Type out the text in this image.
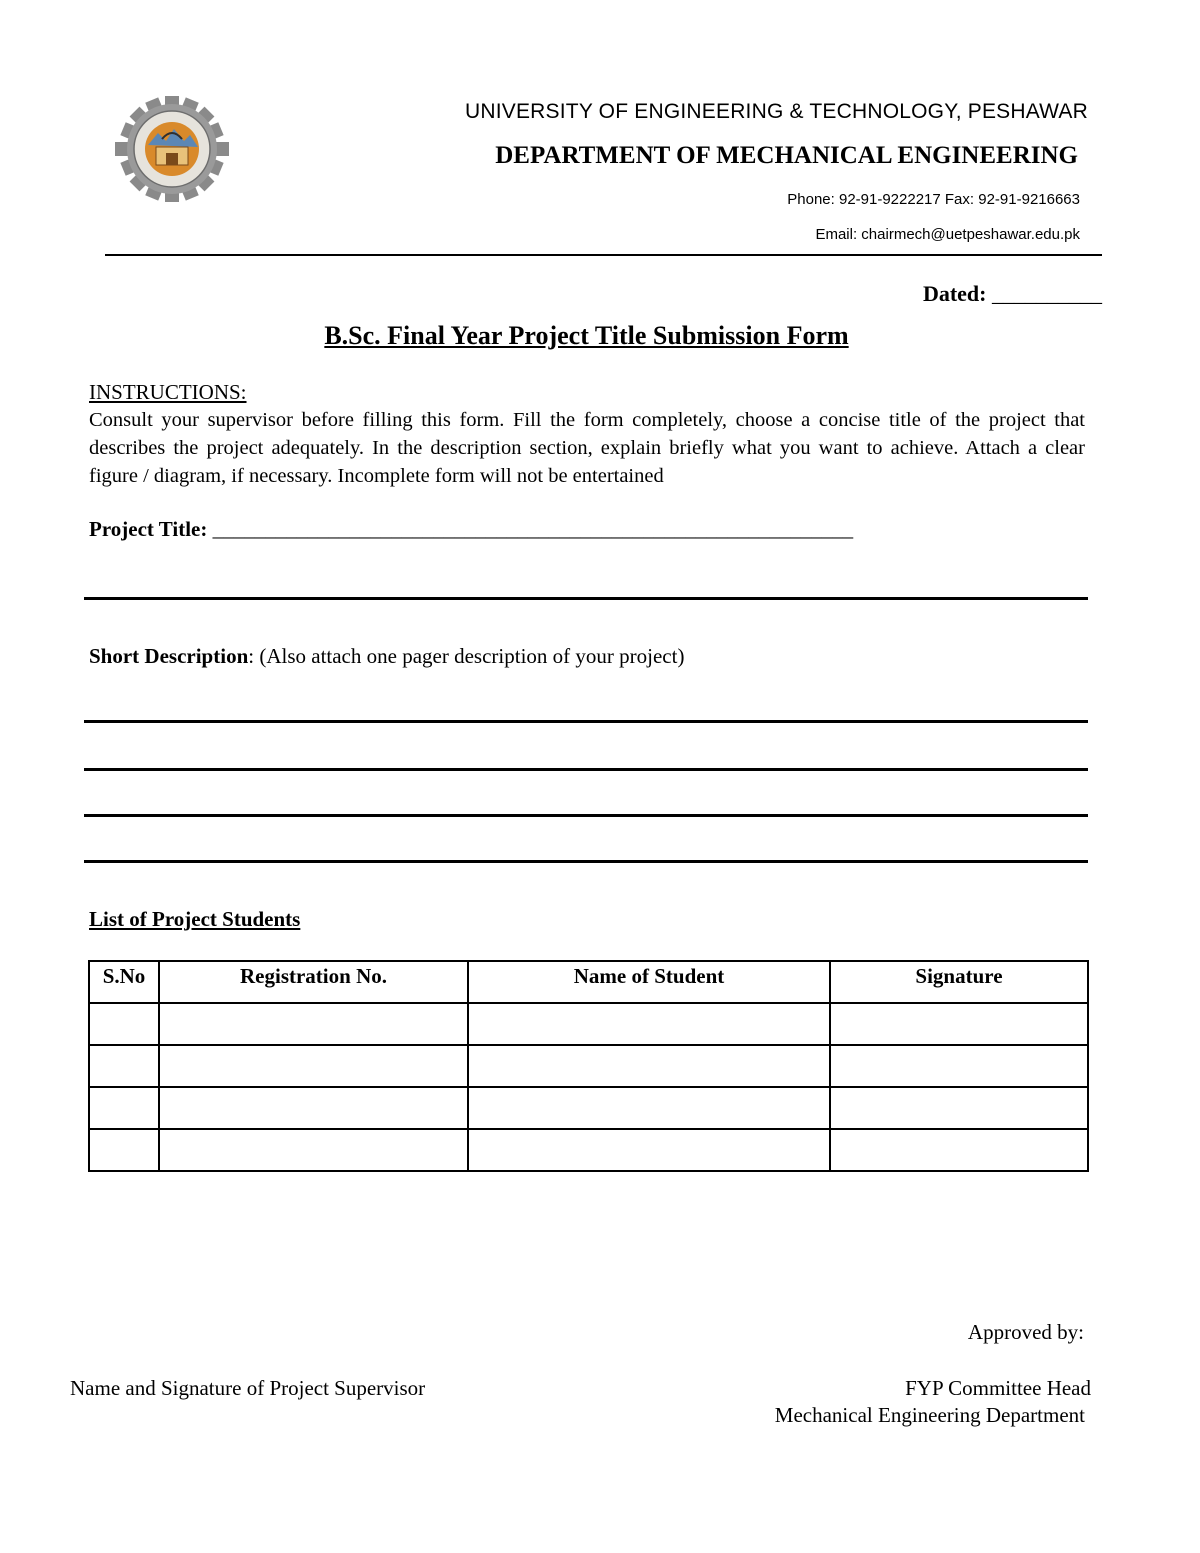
UNIVERSITY OF ENGINEERING & TECHNOLOGY, PESHAWAR
DEPARTMENT OF MECHANICAL ENGINEERING
Phone: 92-91-9222217 Fax: 92-91-9216663
Email: chairmech@uetpeshawar.edu.pk
Dated: __________
B.Sc. Final Year Project Title Submission Form
INSTRUCTIONS:
Consult your supervisor before filling this form. Fill the form completely, choose a concise title of the project that describes the project adequately. In the description section, explain briefly what you want to achieve. Attach a clear figure / diagram, if necessary. Incomplete form will not be entertained
Project Title: _____________________________________________________________
Short Description: (Also attach one pager description of your project)
List of Project Students
S.No	Registration No.	Name of Student	Signature

Approved by:
Name and Signature of Project Supervisor	FYP Committee Head
Mechanical Engineering Department
